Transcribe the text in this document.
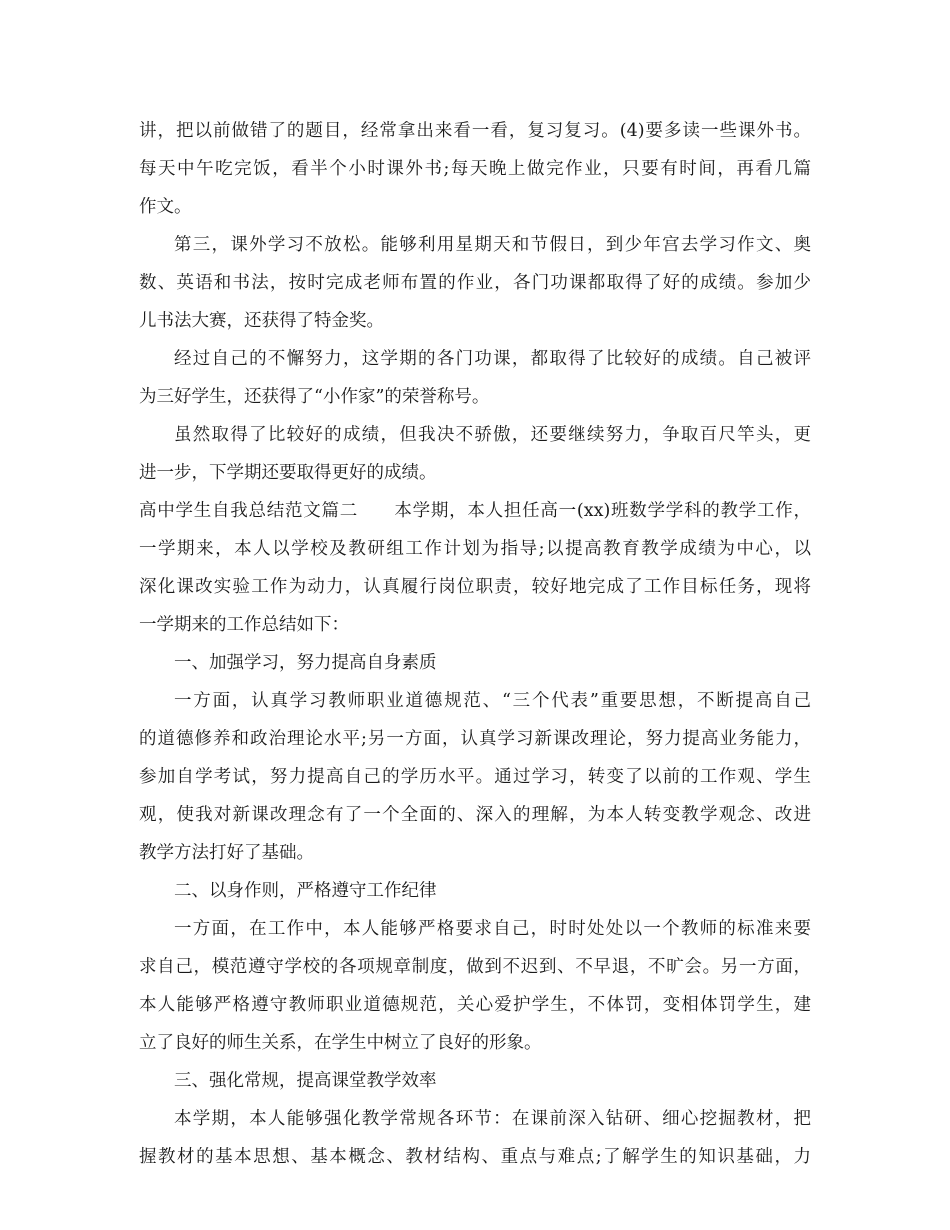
讲，把以前做错了的题目，经常拿出来看一看，复习复习。(4)要多读一些课外书。
每天中午吃完饭，看半个小时课外书;每天晚上做完作业，只要有时间，再看几篇
作文。
第三，课外学习不放松。能够利用星期天和节假日，到少年宫去学习作文、奥
数、英语和书法，按时完成老师布置的作业，各门功课都取得了好的成绩。参加少
儿书法大赛，还获得了特金奖。
经过自己的不懈努力，这学期的各门功课，都取得了比较好的成绩。自己被评
为三好学生，还获得了“小作家”的荣誉称号。
虽然取得了比较好的成绩，但我决不骄傲，还要继续努力，争取百尺竿头，更
进一步，下学期还要取得更好的成绩。
高中学生自我总结范文篇二　　本学期，本人担任高一(xx)班数学学科的教学工作，
一学期来，本人以学校及教研组工作计划为指导;以提高教育教学成绩为中心，以
深化课改实验工作为动力，认真履行岗位职责，较好地完成了工作目标任务，现将
一学期来的工作总结如下：
一、加强学习，努力提高自身素质
一方面，认真学习教师职业道德规范、“三个代表”重要思想，不断提高自己
的道德修养和政治理论水平;另一方面，认真学习新课改理论，努力提高业务能力，
参加自学考试，努力提高自己的学历水平。通过学习，转变了以前的工作观、学生
观，使我对新课改理念有了一个全面的、深入的理解，为本人转变教学观念、改进
教学方法打好了基础。
二、以身作则，严格遵守工作纪律
一方面，在工作中，本人能够严格要求自己，时时处处以一个教师的标准来要
求自己，模范遵守学校的各项规章制度，做到不迟到、不早退，不旷会。另一方面，
本人能够严格遵守教师职业道德规范，关心爱护学生，不体罚，变相体罚学生，建
立了良好的师生关系，在学生中树立了良好的形象。
三、强化常规，提高课堂教学效率
本学期，本人能够强化教学常规各环节：在课前深入钻研、细心挖掘教材，把
握教材的基本思想、基本概念、教材结构、重点与难点;了解学生的知识基础，力
